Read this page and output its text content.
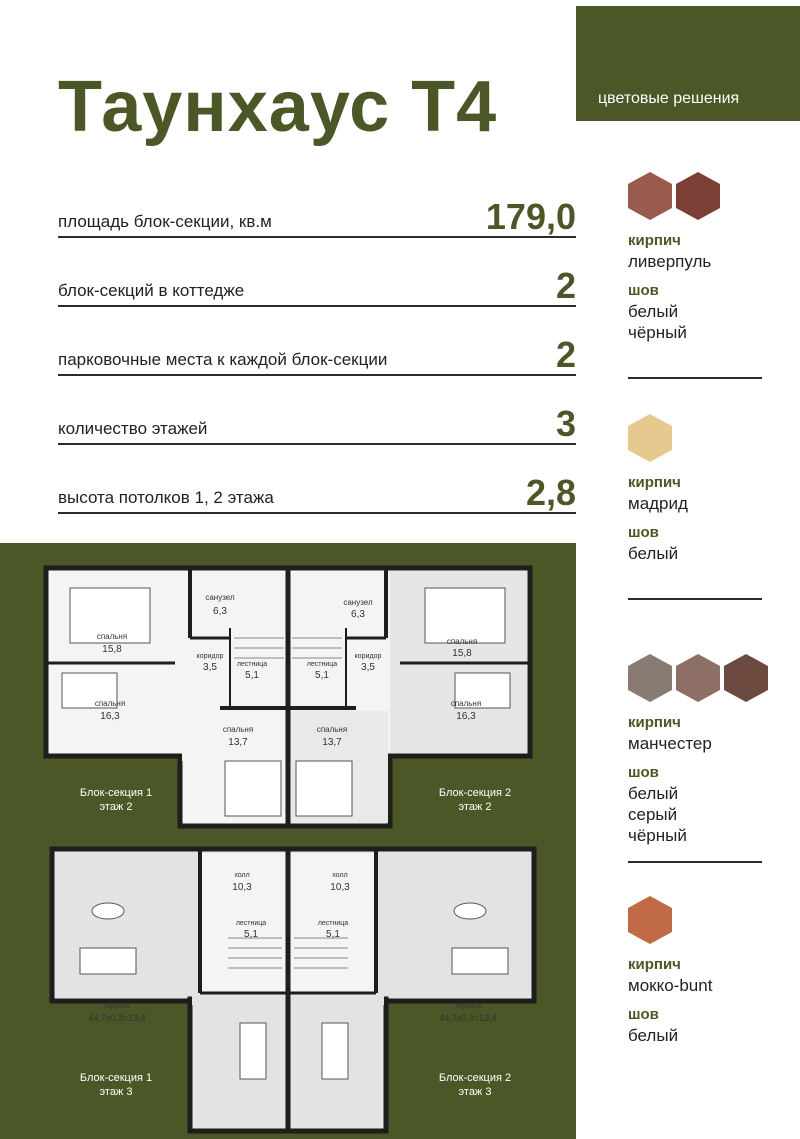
Таунхаус Т4	цветовые решения
площадь блок-секции, кв.м	179,0
блок-секций в коттедже	2
парковочные места к каждой блок-секции	2
количество этажей	3
высота потолков 1, 2 этажа	2,8
кирпич
ливерпуль
шов
белый
чёрный
кирпич
мадрид
шов
белый
кирпич
манчестер
шов
белый
серый
чёрный
кирпич
мокко-bunt
шов
белый
санузел
6,3
санузел
6,3
спальня
15,8
спальня
15,8
коридор
3,5
коридор
3,5
лестница
5,1
лестница
5,1
спальня
16,3
спальня
16,3
спальня
13,7
спальня
13,7
холл
10,3
холл
10,3
лестница
5,1
лестница
5,1
терраса
44,7х0,3=13,4
терраса
44,7х0,3=13,4
Блок-секция 1
этаж 2
Блок-секция 2
этаж 2
Блок-секция 1
этаж 3
Блок-секция 2
этаж 3
